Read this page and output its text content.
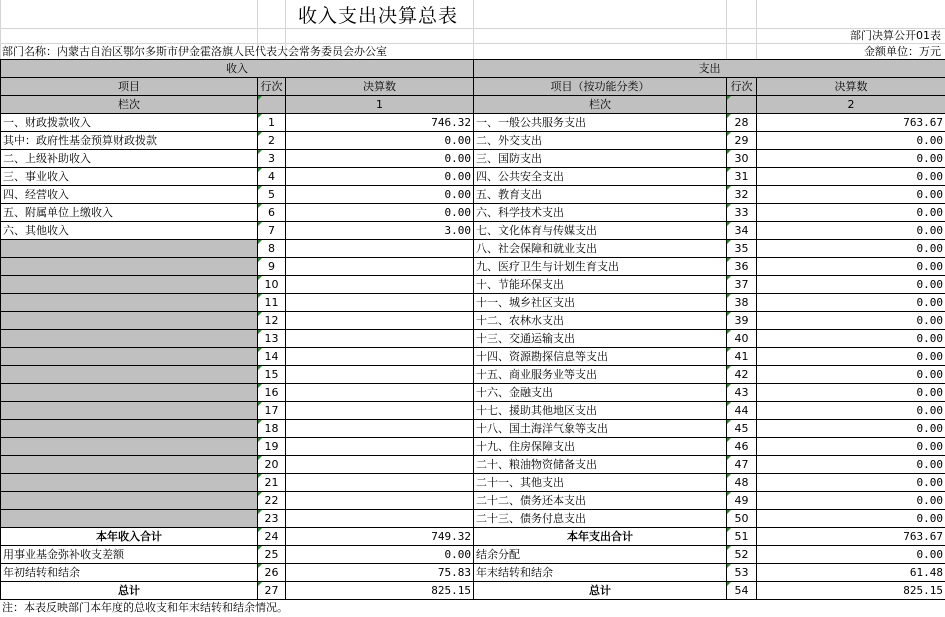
收入支出决算总表
部门决算公开01表
部门名称：内蒙古自治区鄂尔多斯市伊金霍洛旗人民代表大会常务委员会办公室	金额单位：万元
收入			支出		
项目	行次	决算数	项目（按功能分类）	行次	决算数
栏次		1	栏次		2
一、财政拨款收入	1	746.32	一、一般公共服务支出	28	763.67
其中：政府性基金预算财政拨款	2	0.00	二、外交支出	29	0.00
二、上级补助收入	3	0.00	三、国防支出	30	0.00
三、事业收入	4	0.00	四、公共安全支出	31	0.00
四、经营收入	5	0.00	五、教育支出	32	0.00
五、附属单位上缴收入	6	0.00	六、科学技术支出	33	0.00
六、其他收入	7	3.00	七、文化体育与传媒支出	34	0.00
	8		八、社会保障和就业支出	35	0.00
	9		九、医疗卫生与计划生育支出	36	0.00
	10		十、节能环保支出	37	0.00
	11		十一、城乡社区支出	38	0.00
	12		十二、农林水支出	39	0.00
	13		十三、交通运输支出	40	0.00
	14		十四、资源勘探信息等支出	41	0.00
	15		十五、商业服务业等支出	42	0.00
	16		十六、金融支出	43	0.00
	17		十七、援助其他地区支出	44	0.00
	18		十八、国土海洋气象等支出	45	0.00
	19		十九、住房保障支出	46	0.00
	20		二十、粮油物资储备支出	47	0.00
	21		二十一、其他支出	48	0.00
	22		二十二、债务还本支出	49	0.00
	23		二十三、债务付息支出	50	0.00
本年收入合计	24	749.32	本年支出合计	51	763.67
用事业基金弥补收支差额	25	0.00	结余分配	52	0.00
年初结转和结余	26	75.83	年末结转和结余	53	61.48
总计	27	825.15	总计	54	825.15
注：本表反映部门本年度的总收支和年末结转和结余情况。
